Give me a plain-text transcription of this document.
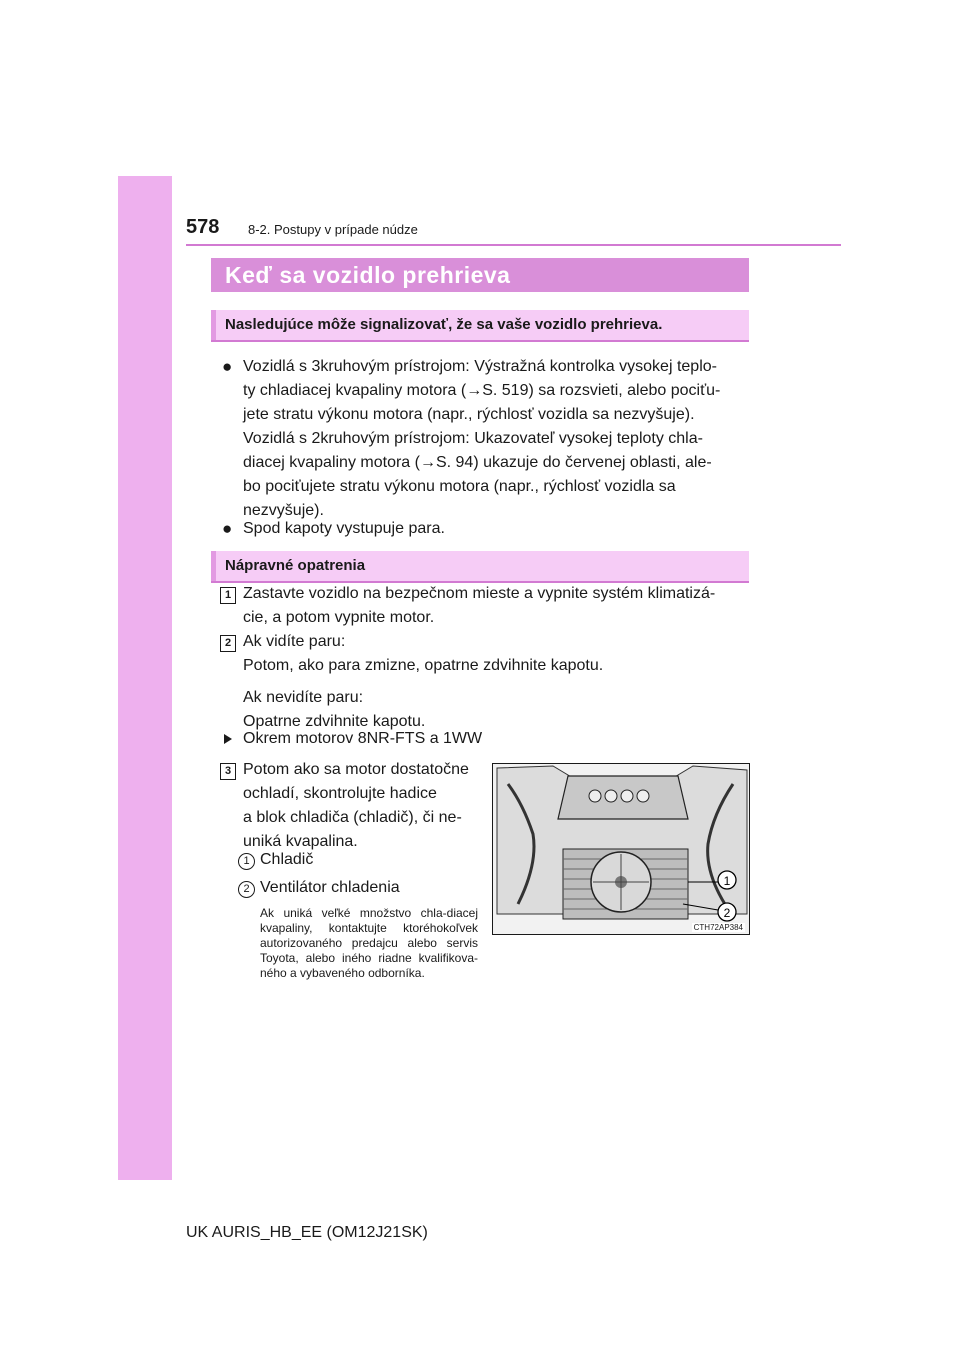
578 8-2. Postupy v prípade núdze
Keď sa vozidlo prehrieva
Nasledujúce môže signalizovať, že sa vaše vozidlo prehrieva.
● Vozidlá s 3kruhovým prístrojom: Výstražná kontrolka vysokej teplo-
ty chladiacej kvapaliny motora (→S. 519) sa rozsvieti, alebo pociťu-
jete stratu výkonu motora (napr., rýchlosť vozidla sa nezvyšuje).
Vozidlá s 2kruhovým prístrojom: Ukazovateľ vysokej teploty chla-
diacej kvapaliny motora (→S. 94) ukazuje do červenej oblasti, ale-
bo pociťujete stratu výkonu motora (napr., rýchlosť vozidla sa
nezvyšuje).
● Spod kapoty vystupuje para.
Nápravné opatrenia
1 Zastavte vozidlo na bezpečnom mieste a vypnite systém klimatizá-
cie, a potom vypnite motor.
2 Ak vidíte paru:
Potom, ako para zmizne, opatrne zdvihnite kapotu.
Ak nevidíte paru:
Opatrne zdvihnite kapotu.
Okrem motorov 8NR-FTS a 1WW
3 Potom ako sa motor dostatočne
ochladí, skontrolujte hadice
a blok chladiča (chladič), či ne-
uniká kvapalina.
1 Chladič
2 Ventilátor chladenia
Ak uniká veľké množstvo chla-diacej kvapaliny, kontaktujte ktoréhokoľvek autorizovaného predajcu alebo servis Toyota, alebo iného riadne kvalifikova-ného a vybaveného odborníka.
1
2
CTH72AP384
UK AURIS_HB_EE (OM12J21SK)
